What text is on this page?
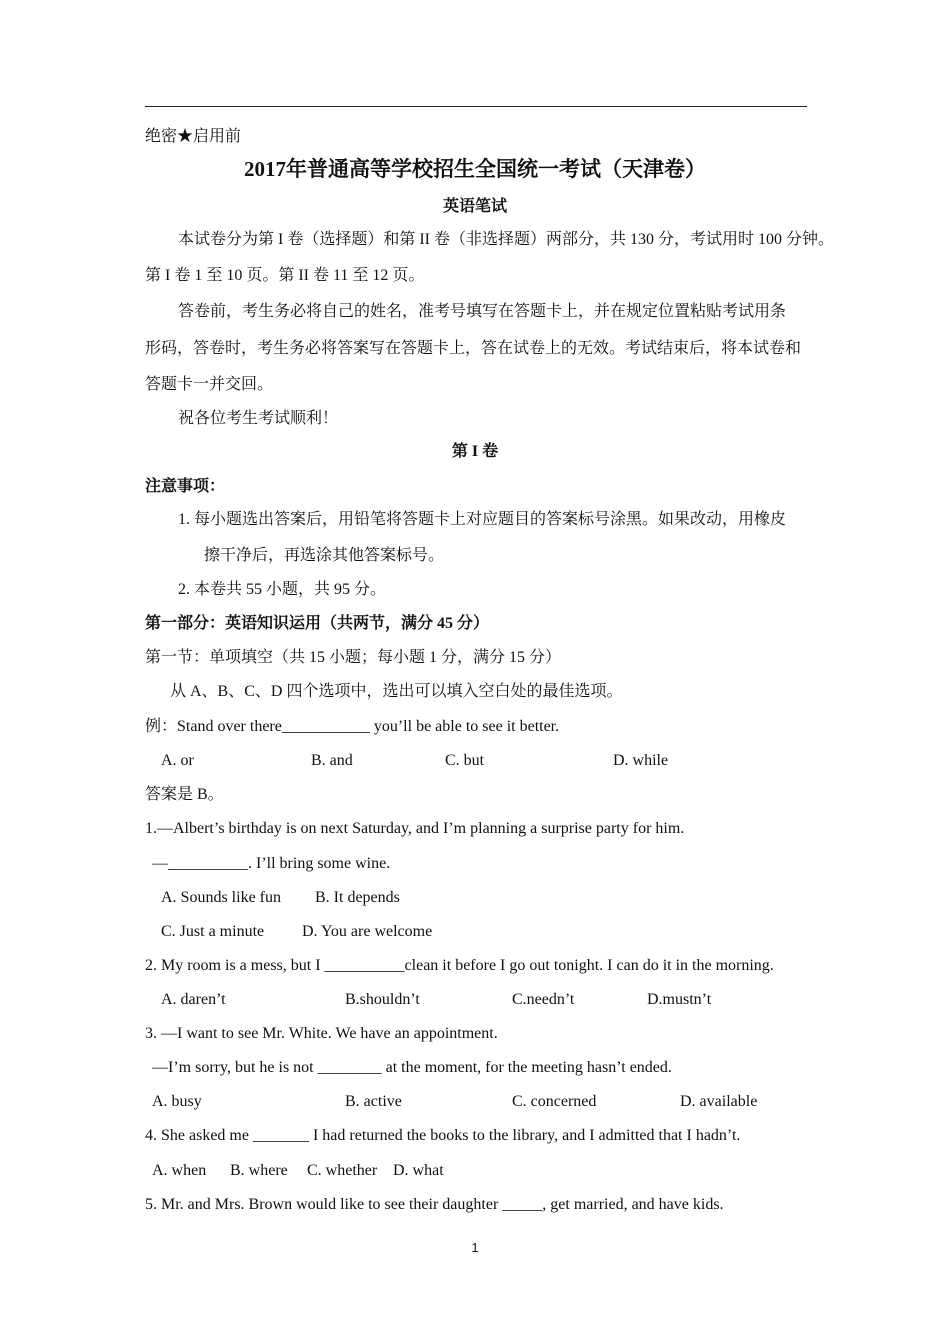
绝密★启用前
2017年普通高等学校招生全国统一考试（天津卷）
英语笔试
本试卷分为第 I 卷（选择题）和第 II 卷（非选择题）两部分，共 130 分，考试用时 100 分钟。
第 I 卷 1 至 10 页。第 II 卷 11 至 12 页。
答卷前，考生务必将自己的姓名，准考号填写在答题卡上，并在规定位置粘贴考试用条
形码，答卷时，考生务必将答案写在答题卡上，答在试卷上的无效。考试结束后，将本试卷和
答题卡一并交回。
祝各位考生考试顺利！
第 I 卷
注意事项：
1. 每小题选出答案后，用铅笔将答题卡上对应题目的答案标号涂黑。如果改动，用橡皮
擦干净后，再选涂其他答案标号。
2. 本卷共 55 小题，共 95 分。
第一部分：英语知识运用（共两节，满分 45 分）
第一节：单项填空（共 15 小题；每小题 1 分，满分 15 分）
从 A、B、C、D 四个选项中，选出可以填入空白处的最佳选项。
例：Stand over there___________ you’ll be able to see it better.
A. or	B. and	C. but	D. while
答案是 B。
1.—Albert’s birthday is on next Saturday, and I’m planning a surprise party for him.
—__________. I’ll bring some wine.
A. Sounds like fun B. It depends
C. Just a minute D. You are welcome
2. My room is a mess, but I __________clean it before I go out tonight. I can do it in the morning.
A. daren’t	B.shouldn’t	C.needn’t	D.mustn’t
3. —I want to see Mr. White. We have an appointment.
—I’m sorry, but he is not ________ at the moment, for the meeting hasn’t ended.
A. busy	B. active	C. concerned	D. available
4. She asked me _______ I had returned the books to the library, and I admitted that I hadn’t.
A. when B. where C. whether D. what
5. Mr. and Mrs. Brown would like to see their daughter _____, get married, and have kids.
1
